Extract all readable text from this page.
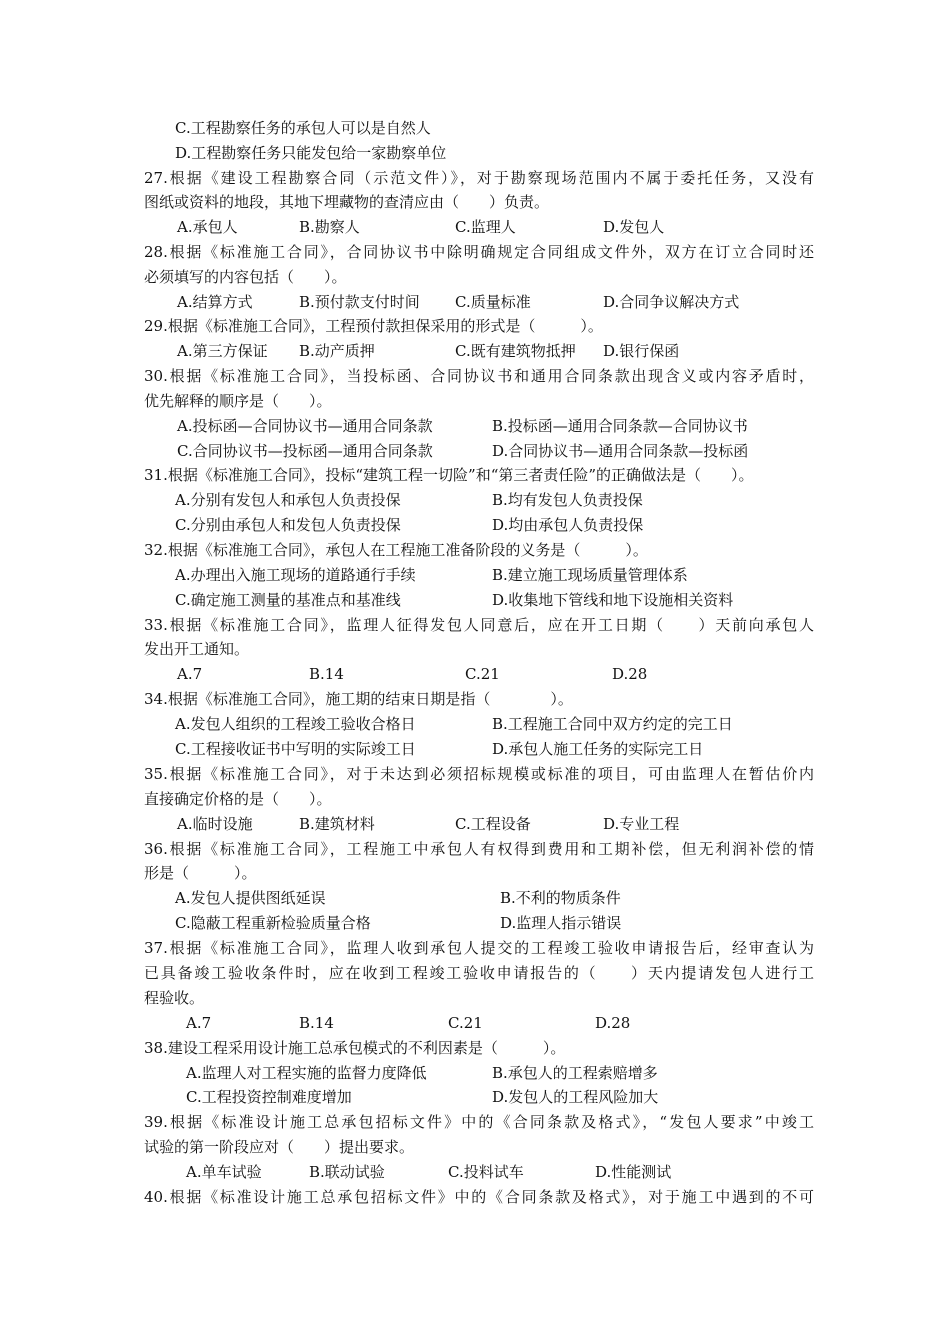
C.工程勘察任务的承包人可以是自然人
D.工程勘察任务只能发包给一家勘察单位
27.根据《建设工程勘察合同（示范文件）》，对于勘察现场范围内不属于委托任务，又没有
图纸或资料的地段，其地下埋藏物的查清应由（　　）负责。
A.承包人	B.勘察人	C.监理人	D.发包人
28.根据《标准施工合同》，合同协议书中除明确规定合同组成文件外，双方在订立合同时还
必须填写的内容包括（　　）。
A.结算方式	B.预付款支付时间 C.质量标准	D.合同争议解决方式
29.根据《标准施工合同》，工程预付款担保采用的形式是（　　　）。
A.第三方保证 B.动产质押	C.既有建筑物抵押 D.银行保函
30.根据《标准施工合同》，当投标函、合同协议书和通用合同条款出现含义或内容矛盾时，
优先解释的顺序是（　　）。
A.投标函—合同协议书—通用合同条款	B.投标函—通用合同条款—合同协议书
C.合同协议书—投标函—通用合同条款	D.合同协议书—通用合同条款—投标函
31.根据《标准施工合同》，投标“建筑工程一切险”和“第三者责任险”的正确做法是（　　）。
A.分别有发包人和承包人负责投保	B.均有发包人负责投保
C.分别由承包人和发包人负责投保	D.均由承包人负责投保
32.根据《标准施工合同》，承包人在工程施工准备阶段的义务是（　　　）。
A.办理出入施工现场的道路通行手续	B.建立施工现场质量管理体系
C.确定施工测量的基准点和基准线	D.收集地下管线和地下设施相关资料
33.根据《标准施工合同》，监理人征得发包人同意后，应在开工日期（　　）天前向承包人
发出开工通知。
A.7	B.14	C.21	D.28
34.根据《标准施工合同》，施工期的结束日期是指（　　　　）。
A.发包人组织的工程竣工验收合格日	B.工程施工合同中双方约定的完工日
C.工程接收证书中写明的实际竣工日	D.承包人施工任务的实际完工日
35.根据《标准施工合同》，对于未达到必须招标规模或标准的项目，可由监理人在暂估价内
直接确定价格的是（　　）。
A.临时设施	B.建筑材料	C.工程设备	D.专业工程
36.根据《标准施工合同》，工程施工中承包人有权得到费用和工期补偿，但无利润补偿的情
形是（　　　）。
A.发包人提供图纸延误	B.不利的物质条件
C.隐蔽工程重新检验质量合格	D.监理人指示错误
37.根据《标准施工合同》，监理人收到承包人提交的工程竣工验收申请报告后，经审查认为
已具备竣工验收条件时，应在收到工程竣工验收申请报告的（　　）天内提请发包人进行工
程验收。
A.7	B.14	C.21	D.28
38.建设工程采用设计施工总承包模式的不利因素是（　　　）。
A.监理人对工程实施的监督力度降低	B.承包人的工程索赔增多
C.工程投资控制难度增加	D.发包人的工程风险加大
39.根据《标准设计施工总承包招标文件》中的《合同条款及格式》，“发包人要求”中竣工
试验的第一阶段应对（　　）提出要求。
A.单车试验	B.联动试验	C.投料试车	D.性能测试
40.根据《标准设计施工总承包招标文件》中的《合同条款及格式》，对于施工中遇到的不可
